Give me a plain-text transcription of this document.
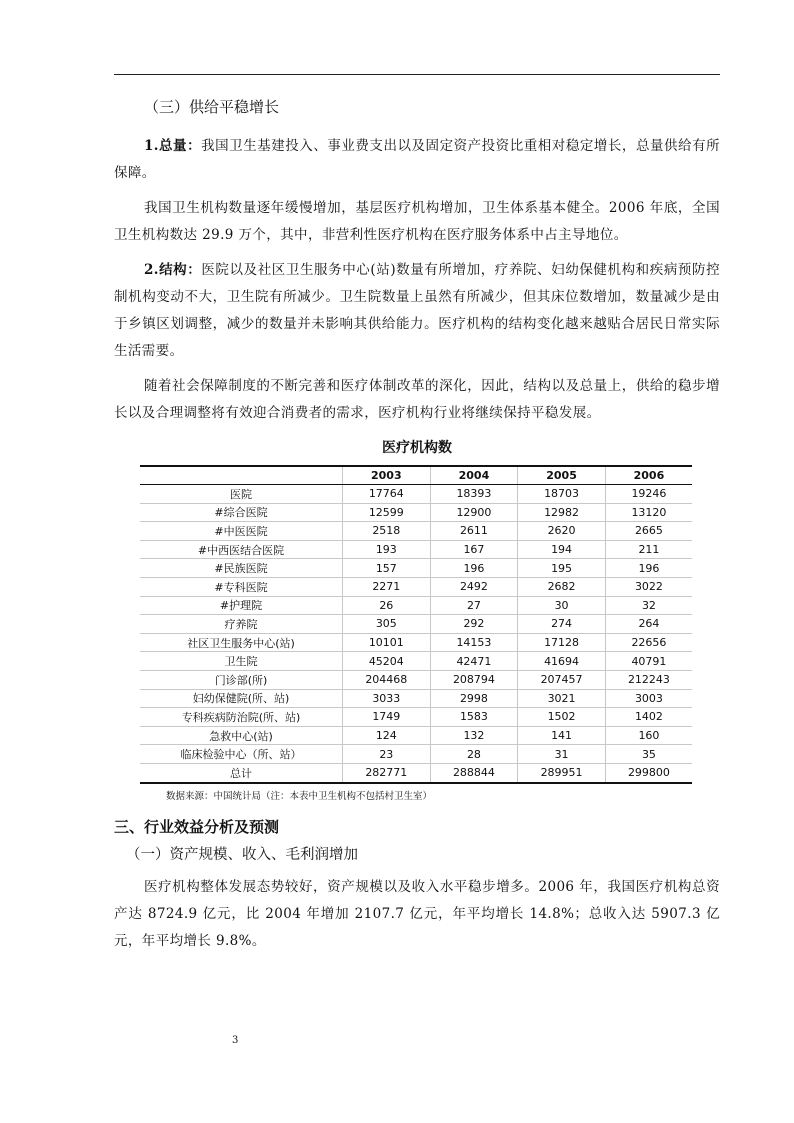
（三）供给平稳增长

1.总量：我国卫生基建投入、事业费支出以及固定资产投资比重相对稳定增长，总量供给有所保障。

我国卫生机构数量逐年缓慢增加，基层医疗机构增加，卫生体系基本健全。2006 年底，全国卫生机构数达 29.9 万个，其中，非营利性医疗机构在医疗服务体系中占主导地位。

2.结构：医院以及社区卫生服务中心(站)数量有所增加，疗养院、妇幼保健机构和疾病预防控制机构变动不大，卫生院有所减少。卫生院数量上虽然有所减少，但其床位数增加，数量减少是由于乡镇区划调整，减少的数量并未影响其供给能力。医疗机构的结构变化越来越贴合居民日常实际生活需要。

随着社会保障制度的不断完善和医疗体制改革的深化，因此，结构以及总量上，供给的稳步增长以及合理调整将有效迎合消费者的需求，医疗机构行业将继续保持平稳发展。

医疗机构数
	2003	2004	2005	2006
医院	17764	18393	18703	19246
#综合医院	12599	12900	12982	13120
#中医医院	2518	2611	2620	2665
#中西医结合医院	193	167	194	211
#民族医院	157	196	195	196
#专科医院	2271	2492	2682	3022
#护理院	26	27	30	32
疗养院	305	292	274	264
社区卫生服务中心(站)	10101	14153	17128	22656
卫生院	45204	42471	41694	40791
门诊部(所)	204468	208794	207457	212243
妇幼保健院(所、站)	3033	2998	3021	3003
专科疾病防治院(所、站)	1749	1583	1502	1402
急救中心(站)	124	132	141	160
临床检验中心（所、站）	23	28	31	35
总计	282771	288844	289951	299800
数据来源：中国统计局（注：本表中卫生机构不包括村卫生室）
三、行业效益分析及预测
（一）资产规模、收入、毛利润增加

医疗机构整体发展态势较好，资产规模以及收入水平稳步增多。2006 年，我国医疗机构总资产达 8724.9 亿元，比 2004 年增加 2107.7 亿元，年平均增长 14.8%；总收入达 5907.3 亿元，年平均增长 9.8%。

3
